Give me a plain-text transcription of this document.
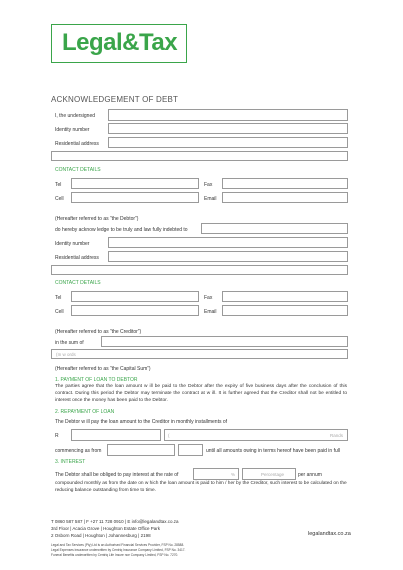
Legal&Tax
ACKNOWLEDGEMENT OF DEBT
I, the undersigned
Identity number
Residential address
CONTACT DETAILS
Tel	Fax
Cell	Email
(Hereafter referred to as “the Debtor”)
do hereby acknow ledge to be truly and law fully indebted to
Identity number
Residential address
CONTACT DETAILS
Tel	Fax
Cell	Email
(Hereafter referred to as “the Creditor”)
in the sum of
(In w ords
(Hereafter referred to as “the Capital Sum”)
1. PAYMENT OF LOAN TO DEBTOR
The parties agree that the loan amount w ill be paid to the Debtor after the expiry of five business days after the conclusion of this contract. During this period the Debtor may terminate the contract at w ill. It is further agreed that the Creditor shall not be entitled to interest once the money has been paid to the Debtor.
2. REPAYMENT OF LOAN
The Debtor w ill pay the loan amount to the Creditor in monthly installments of
R	(	Rands
commencing as from	until all amounts owing in terms hereof have been paid in full
3. INTEREST
The Debtor shall be obliged to pay interest at the rate of	%	Percentage	per annum
compounded monthly as from the date on w hich the loan amount is paid to him / her by the Creditor, such interest to be calculated on the reducing balance outstanding from time to time.
T 0860 587 587 | F +27 11 728 0910 | E info@legalandtax.co.za
3rd Floor | Acacia Grove | Houghton Estate Office Park
2 Osborn Road | Houghton | Johannesburg | 2198	legalandtax.co.za
Legal and Tax Services (Pty) Ltd is an Authorised Financial Services Provider, FSP No. 28588.
Legal Expenses insurance underwritten by Centriq Insurance Company Limited, FSP No. 3417.
Funeral Benefits underwritten by Centriq Life Insure nce Company Limited, FSP No. 7270.
